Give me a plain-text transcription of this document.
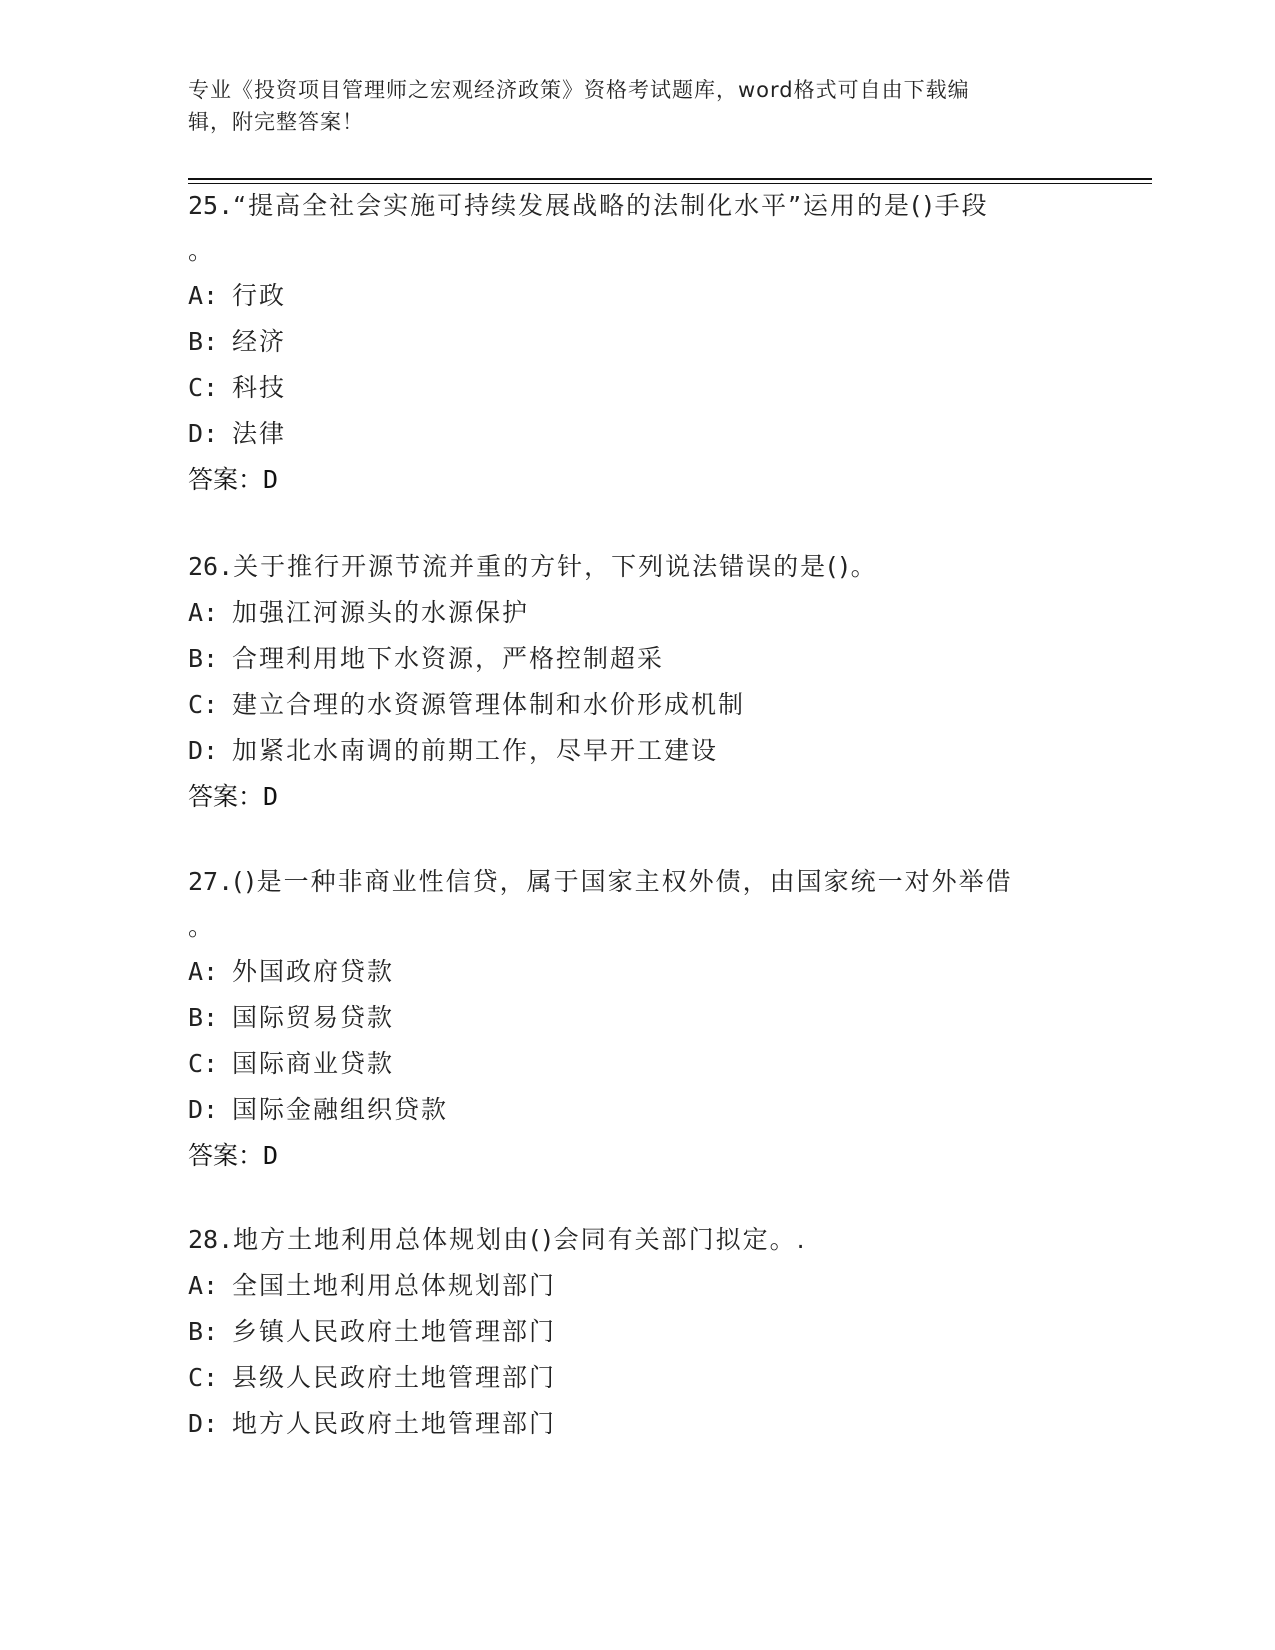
专业《投资项目管理师之宏观经济政策》资格考试题库，word格式可自由下载编
辑，附完整答案！
25.“提高全社会实施可持续发展战略的法制化水平”运用的是()手段
。
A: 行政
B: 经济
C: 科技
D: 法律
答案：D
26.关于推行开源节流并重的方针，下列说法错误的是()。
A: 加强江河源头的水源保护
B: 合理利用地下水资源，严格控制超采
C: 建立合理的水资源管理体制和水价形成机制
D: 加紧北水南调的前期工作，尽早开工建设
答案：D
27.()是一种非商业性信贷，属于国家主权外债，由国家统一对外举借
。
A: 外国政府贷款
B: 国际贸易贷款
C: 国际商业贷款
D: 国际金融组织贷款
答案：D
28.地方土地利用总体规划由()会同有关部门拟定。.
A: 全国土地利用总体规划部门
B: 乡镇人民政府土地管理部门
C: 县级人民政府土地管理部门
D: 地方人民政府土地管理部门
